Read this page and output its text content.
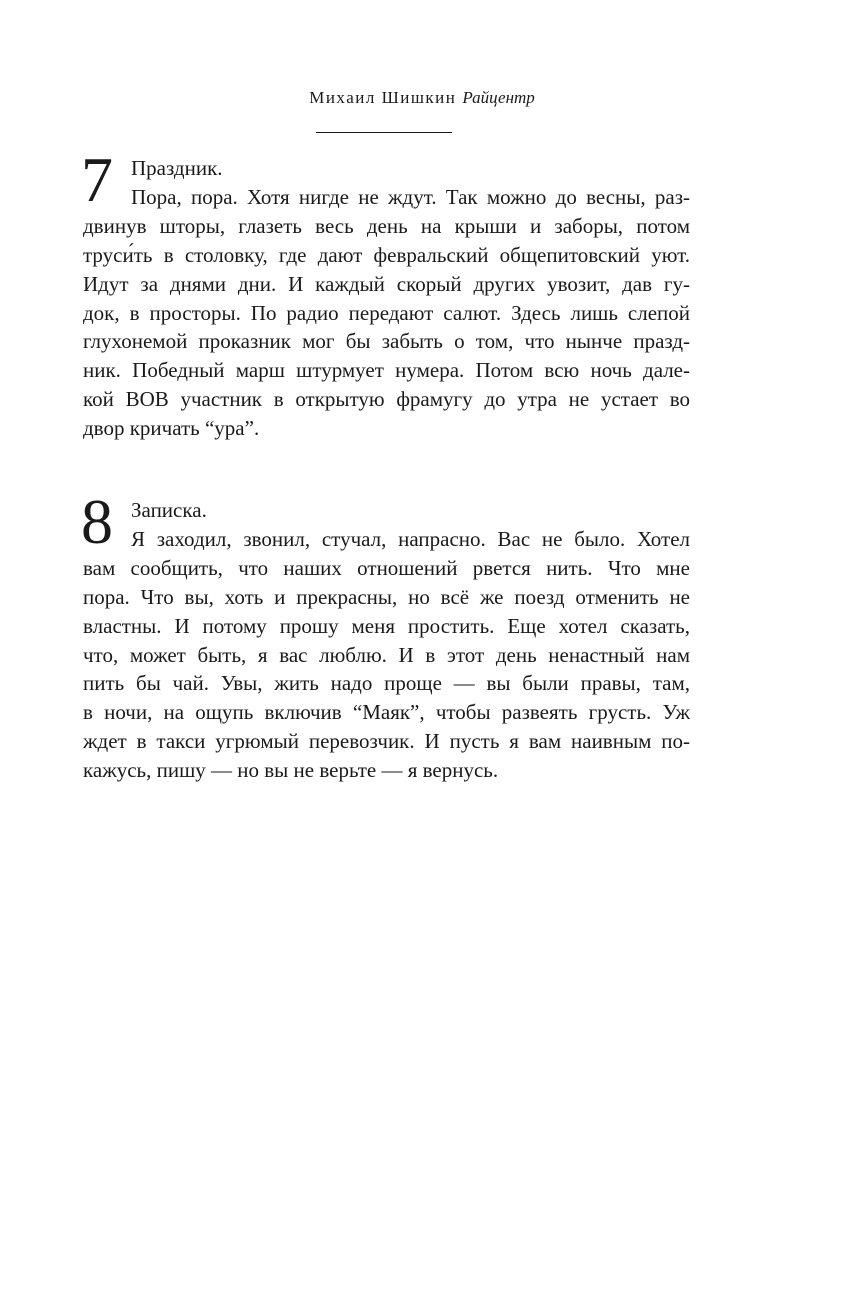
Михаил Шишкин Райцентр
7 Праздник.
Пора, пора. Хотя нигде не ждут. Так можно до весны, раз-
двинув шторы, глазеть весь день на крыши и заборы, потом
труси́ть в столовку, где дают февральский общепитовский уют.
Идут за днями дни. И каждый скорый других увозит, дав гу-
док, в просторы. По радио передают салют. Здесь лишь слепой
глухонемой проказник мог бы забыть о том, что нынче празд-
ник. Победный марш штурмует нумера. Потом всю ночь дале-
кой ВОВ участник в открытую фрамугу до утра не устает во
двор кричать “ура”.
8 Записка.
Я заходил, звонил, стучал, напрасно. Вас не было. Хотел
вам сообщить, что наших отношений рвется нить. Что мне
пора. Что вы, хоть и прекрасны, но всё же поезд отменить не
властны. И потому прошу меня простить. Еще хотел сказать,
что, может быть, я вас люблю. И в этот день ненастный нам
пить бы чай. Увы, жить надо проще — вы были правы, там,
в ночи, на ощупь включив “Маяк”, чтобы развеять грусть. Уж
ждет в такси угрюмый перевозчик. И пусть я вам наивным по-
кажусь, пишу — но вы не верьте — я вернусь.
